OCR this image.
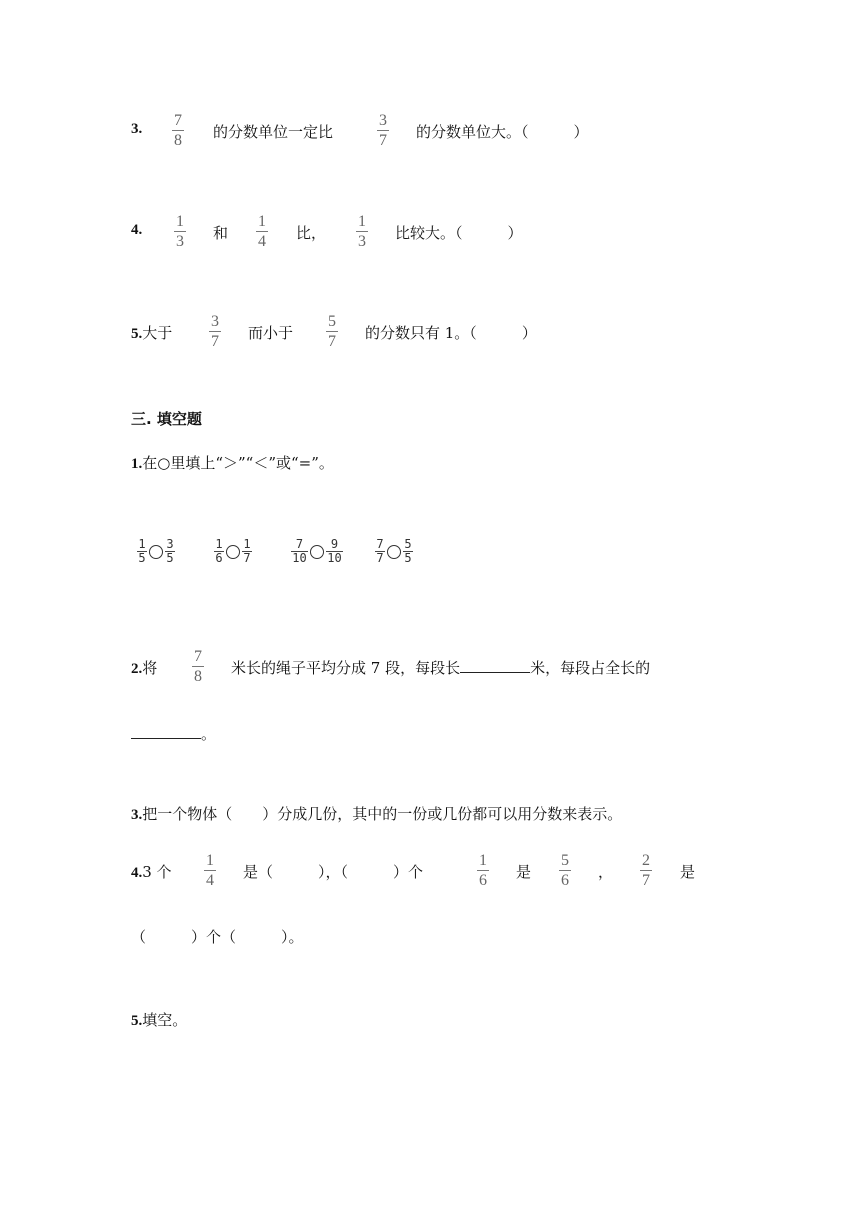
3. 7
8 的分数单位一定比
3
7 的分数单位大。（　　　）
4. 1
3 和
1
4 比，
1
3 比较大。（　　　）
5.大于
3
7 而小于
5
7 的分数只有 1。（　　　）
三. 填空题
1.在○里填上“＞”“＜”或“=”。
1
5
3
5
1
6
1
7
7
10
9
10
7
7
5
5
2.将
7
8 米长的绳子平均分成 7 段，每段长	米，每段占全长的
。
3.把一个物体（　　）分成几份，其中的一份或几份都可以用分数来表示。
4.3 个
1
4 是（　　　），（　　　）个
1
6 是
5
6 ，
2
7 是
（　　　）个（　　　）。
5.填空。
